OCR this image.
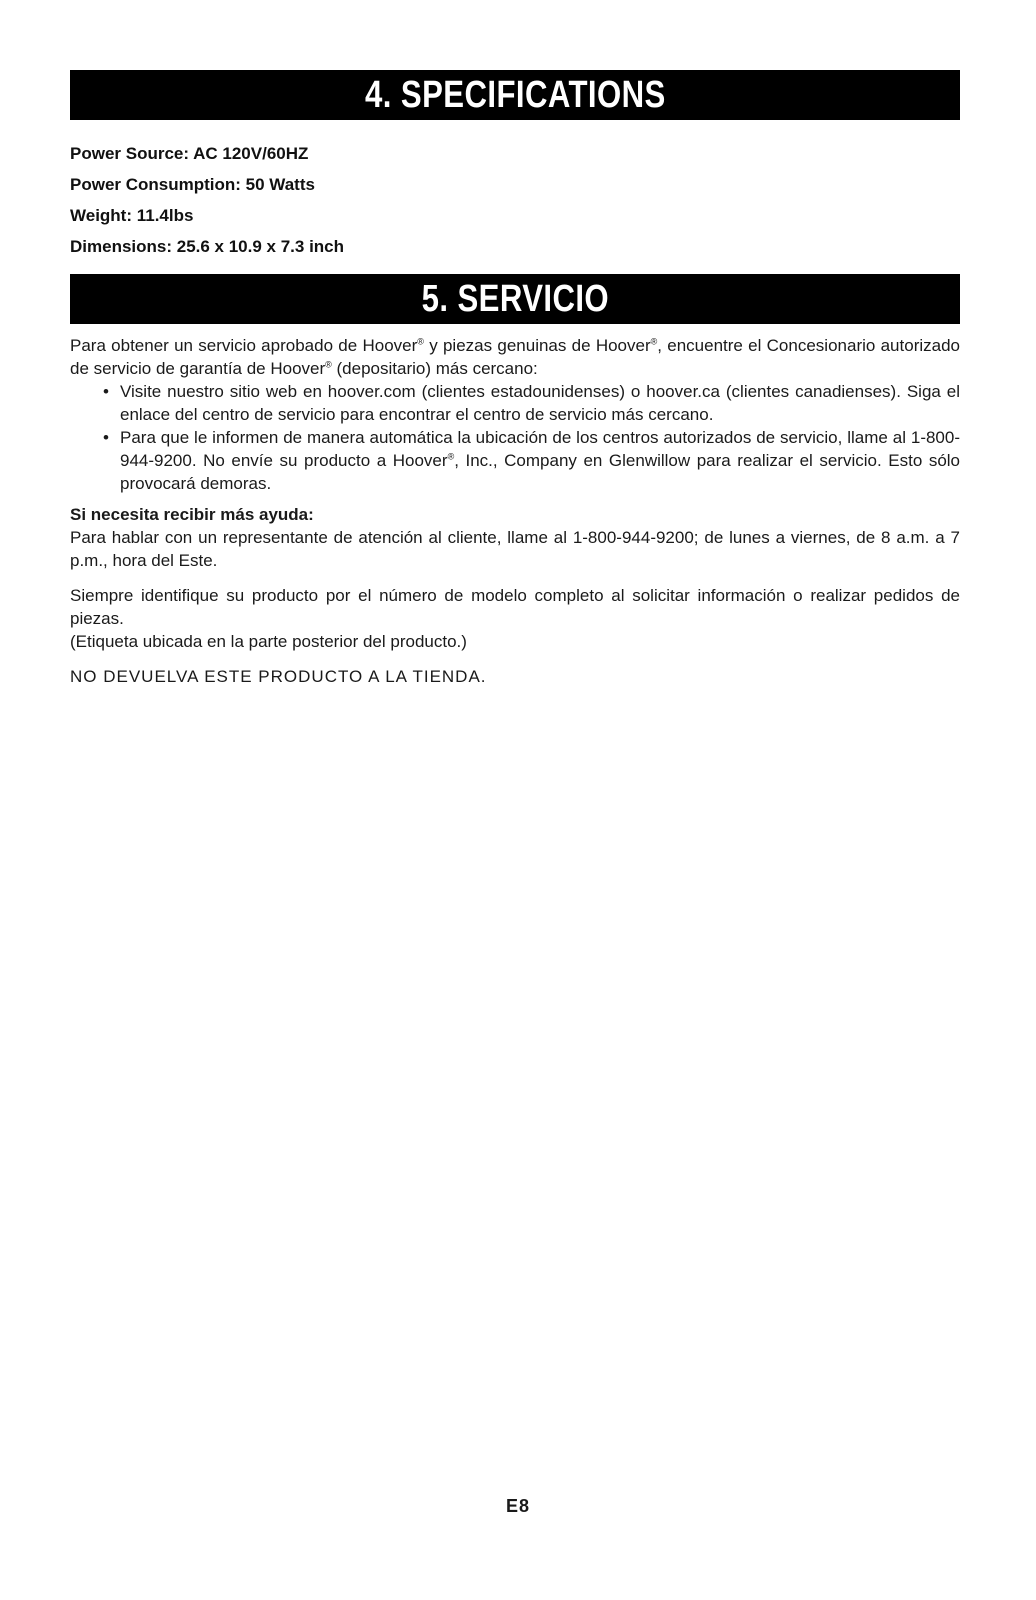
4. SPECIFICATIONS
Power Source: AC 120V/60HZ
Power Consumption: 50 Watts
Weight: 11.4lbs
Dimensions: 25.6 x 10.9 x 7.3 inch
5. SERVICIO
Para obtener un servicio aprobado de Hoover® y piezas genuinas de Hoover®, encuentre el Concesionario autorizado de servicio de garantía de Hoover® (depositario) más cercano:
• Visite nuestro sitio web en hoover.com (clientes estadounidenses) o hoover.ca (clientes canadienses). Siga el enlace del centro de servicio para encontrar el centro de servicio más cercano.
• Para que le informen de manera automática la ubicación de los centros autorizados de servicio, llame al 1-800-944-9200. No envíe su producto a Hoover®, Inc., Company en Glenwillow para realizar el servicio. Esto sólo provocará demoras.
Si necesita recibir más ayuda:
Para hablar con un representante de atención al cliente, llame al 1-800-944-9200; de lunes a viernes, de 8 a.m. a 7 p.m., hora del Este.
Siempre identifique su producto por el número de modelo completo al solicitar información o realizar pedidos de piezas.
(Etiqueta ubicada en la parte posterior del producto.)
NO DEVUELVA ESTE PRODUCTO A LA TIENDA.
E8
